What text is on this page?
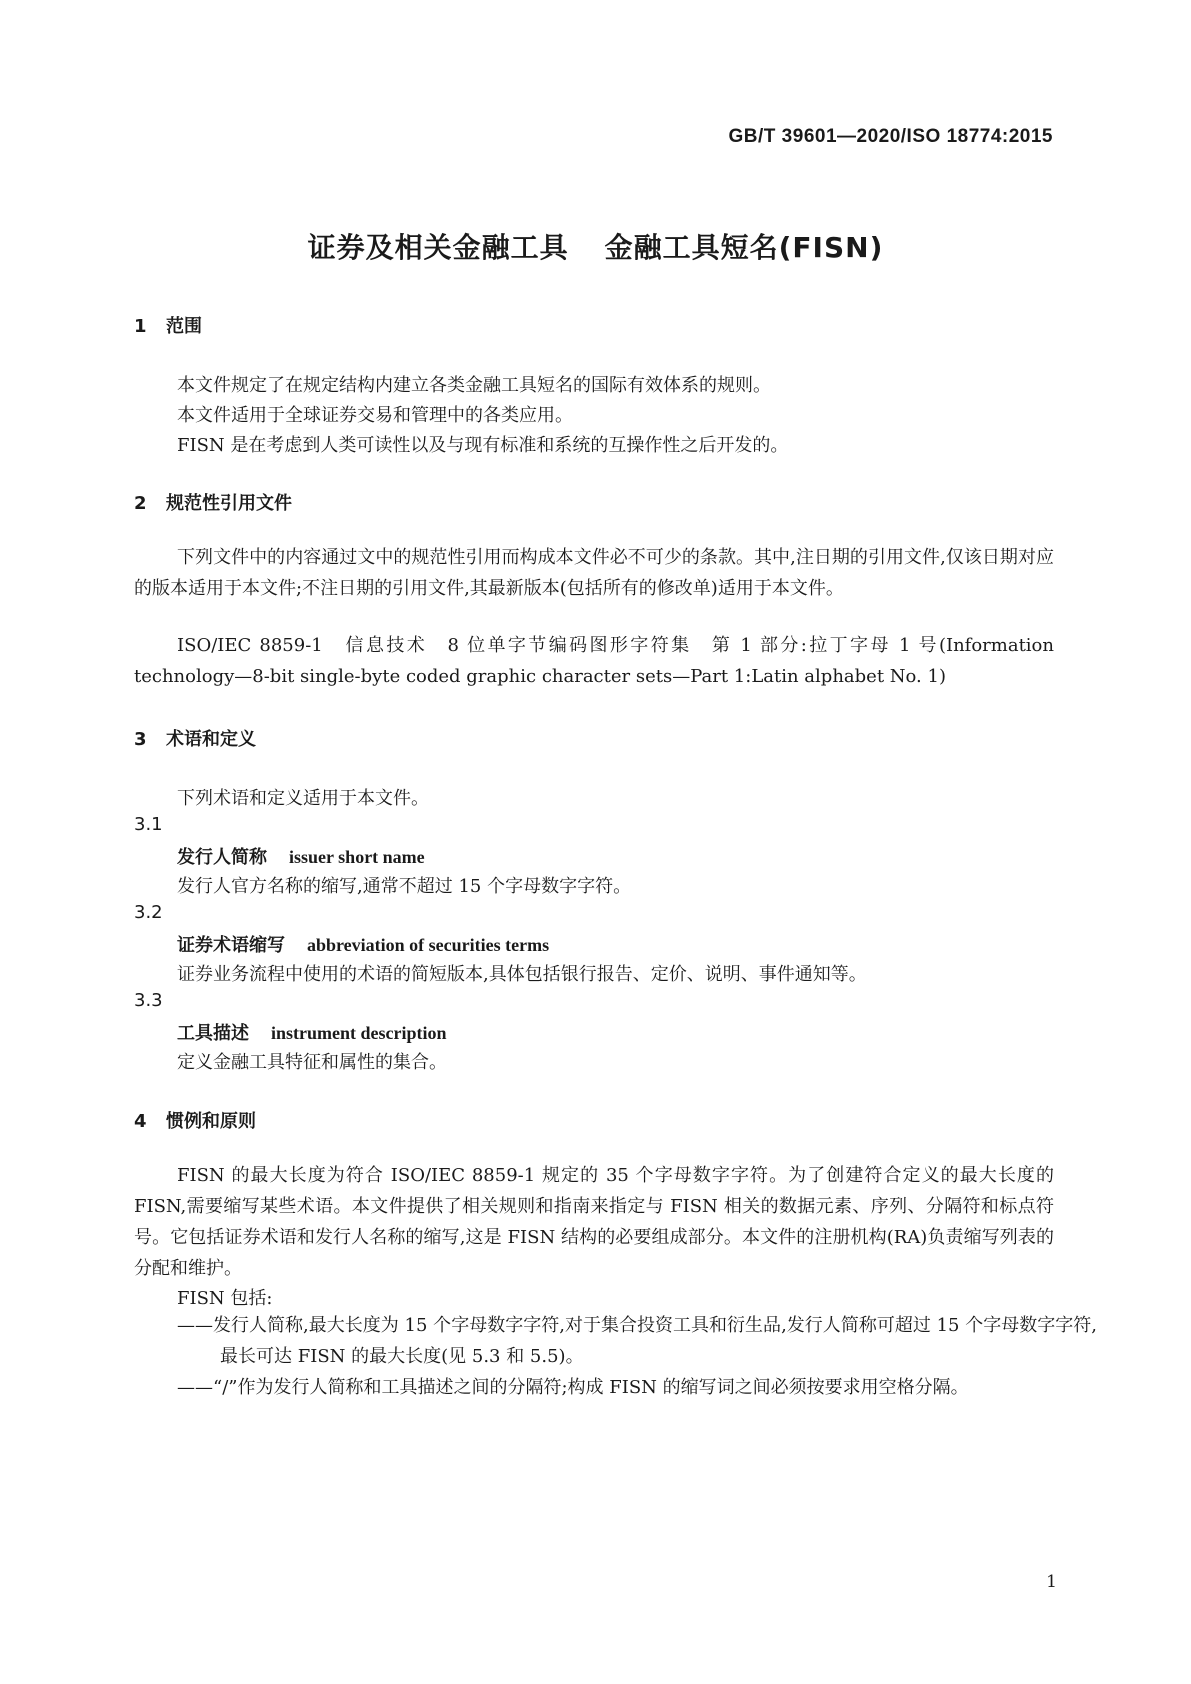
GB/T 39601—2020/ISO 18774:2015
证券及相关金融工具 金融工具短名(FISN)
1 范围
本文件规定了在规定结构内建立各类金融工具短名的国际有效体系的规则。
本文件适用于全球证券交易和管理中的各类应用。
FISN 是在考虑到人类可读性以及与现有标准和系统的互操作性之后开发的。
2 规范性引用文件
下列文件中的内容通过文中的规范性引用而构成本文件必不可少的条款。其中,注日期的引用文件,仅该日期对应的版本适用于本文件;不注日期的引用文件,其最新版本(包括所有的修改单)适用于本文件。
ISO/IEC 8859-1　信息技术　8 位单字节编码图形字符集　第 1 部分:拉丁字母 1 号(Information technology—8-bit single-byte coded graphic character sets—Part 1:Latin alphabet No. 1)
3 术语和定义
下列术语和定义适用于本文件。
3.1
发行人简称 issuer short name
发行人官方名称的缩写,通常不超过 15 个字母数字字符。
3.2
证券术语缩写 abbreviation of securities terms
证券业务流程中使用的术语的简短版本,具体包括银行报告、定价、说明、事件通知等。
3.3
工具描述 instrument description
定义金融工具特征和属性的集合。
4 惯例和原则
FISN 的最大长度为符合 ISO/IEC 8859-1 规定的 35 个字母数字字符。为了创建符合定义的最大长度的 FISN,需要缩写某些术语。本文件提供了相关规则和指南来指定与 FISN 相关的数据元素、序列、分隔符和标点符号。它包括证券术语和发行人名称的缩写,这是 FISN 结构的必要组成部分。本文件的注册机构(RA)负责缩写列表的分配和维护。
FISN 包括:
——发行人简称,最大长度为 15 个字母数字字符,对于集合投资工具和衍生品,发行人简称可超过 15 个字母数字字符,最长可达 FISN 的最大长度(见 5.3 和 5.5)。
——“/”作为发行人简称和工具描述之间的分隔符;构成 FISN 的缩写词之间必须按要求用空格分隔。
1
